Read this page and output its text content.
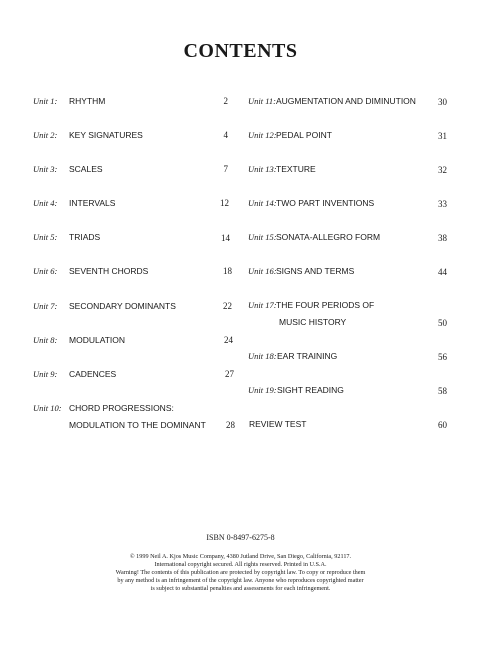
CONTENTS
Unit 1: RHYTHM	2
Unit 2: KEY SIGNATURES	4
Unit 3: SCALES	7
Unit 4: INTERVALS	12
Unit 5: TRIADS	14
Unit 6: SEVENTH CHORDS	18
Unit 7: SECONDARY DOMINANTS	22
Unit 8: MODULATION	24
Unit 9: CADENCES	27
Unit 10: CHORD PROGRESSIONS:
MODULATION TO THE DOMINANT	28
Unit 11: AUGMENTATION AND DIMINUTION	30
Unit 12: PEDAL POINT	31
Unit 13: TEXTURE	32
Unit 14: TWO PART INVENTIONS	33
Unit 15: SONATA-ALLEGRO FORM	38
Unit 16: SIGNS AND TERMS	44
Unit 17: THE FOUR PERIODS OF
MUSIC HISTORY	50
Unit 18: EAR TRAINING	56
Unit 19: SIGHT READING	58
REVIEW TEST	60
ISBN 0-8497-6275-8
© 1999 Neil A. Kjos Music Company, 4380 Jutland Drive, San Diego, California, 92117.
International copyright secured. All rights reserved. Printed in U.S.A.
Warning! The contents of this publication are protected by copyright law. To copy or reproduce them
by any method is an infringement of the copyright law. Anyone who reproduces copyrighted matter
is subject to substantial penalties and assessments for each infringement.
